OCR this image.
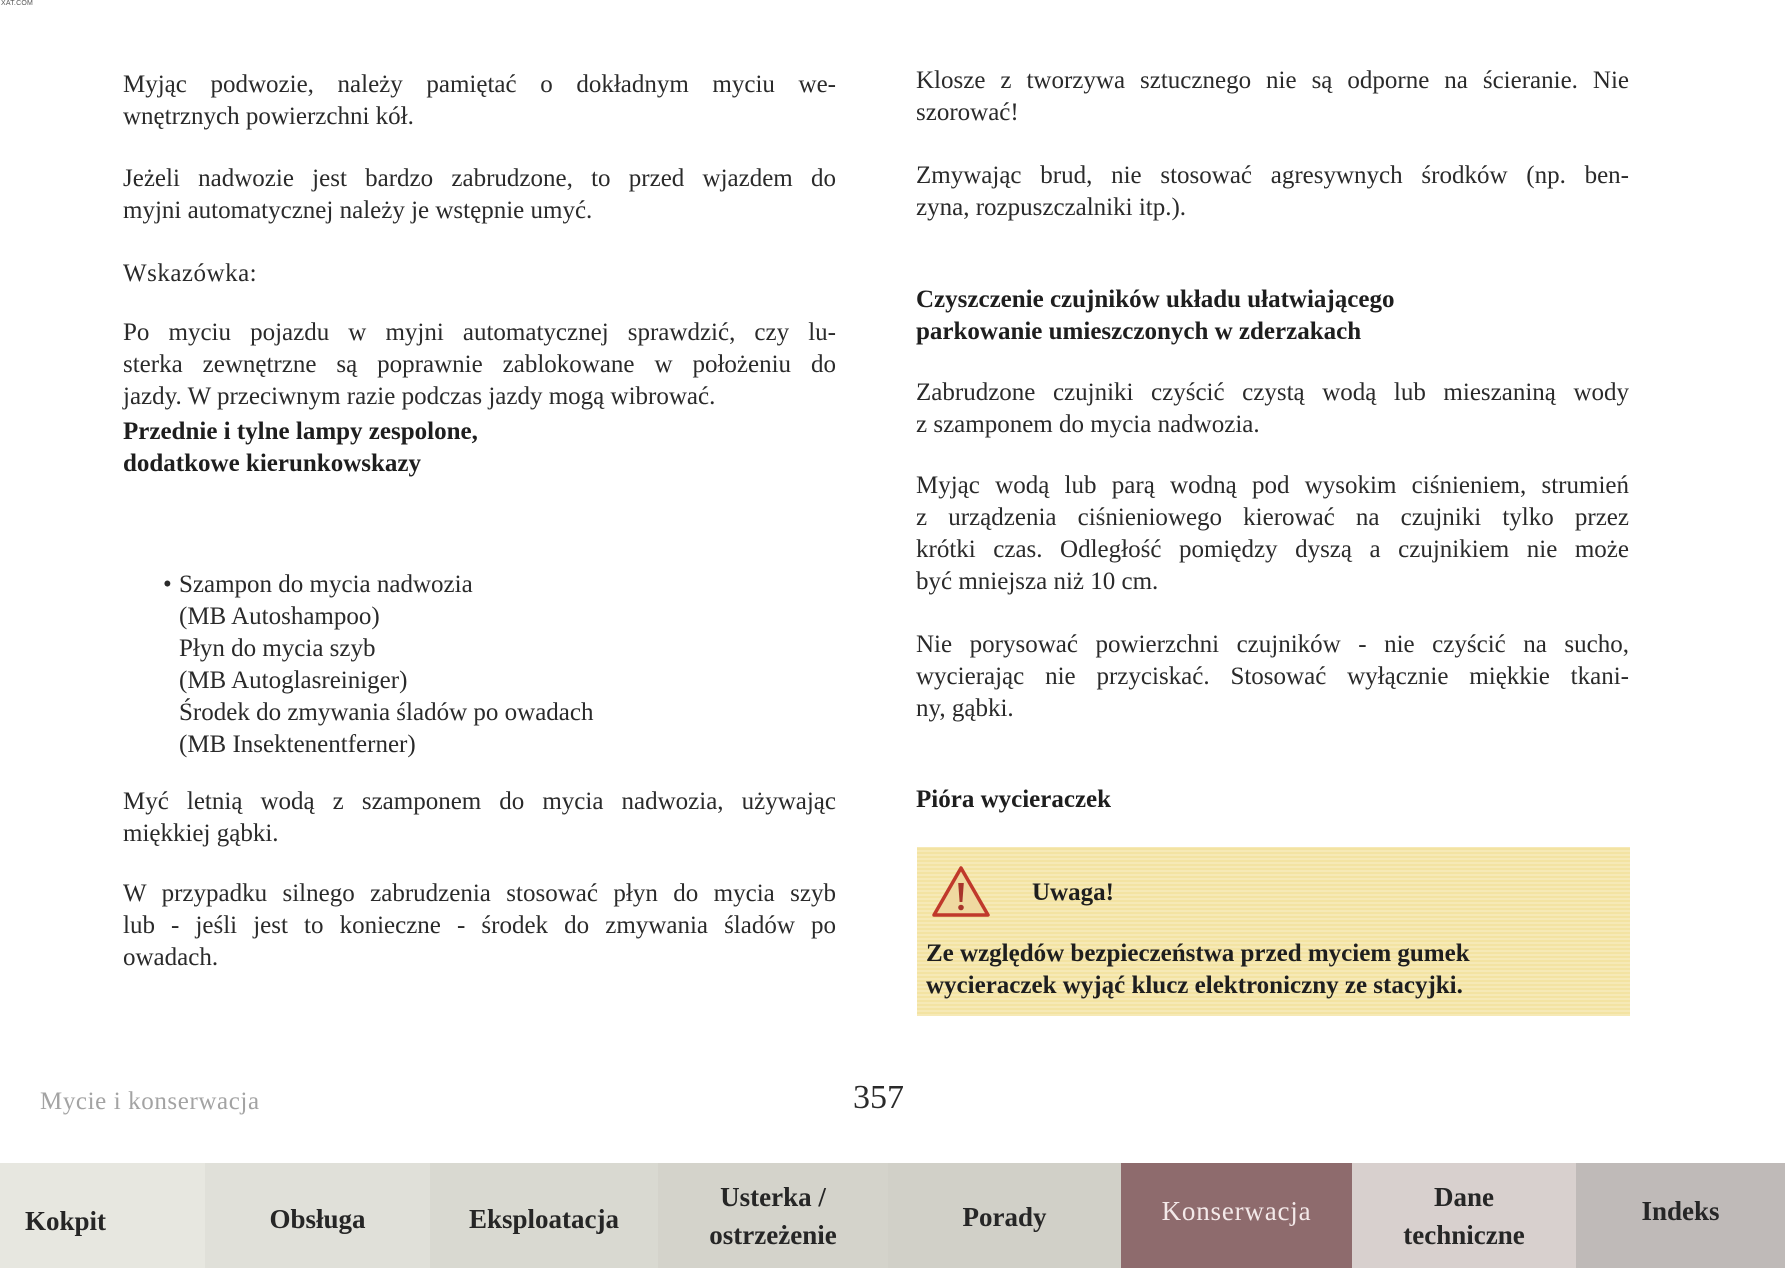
XAT.COM
Myjąc podwozie, należy pamiętać o dokładnym myciu we-
wnętrznych powierzchni kół.
Jeżeli nadwozie jest bardzo zabrudzone, to przed wjazdem do
myjni automatycznej należy je wstępnie umyć.
Wskazówka:
Po myciu pojazdu w myjni automatycznej sprawdzić, czy lu-
sterka zewnętrzne są poprawnie zablokowane w położeniu do
jazdy. W przeciwnym razie podczas jazdy mogą wibrować.
Przednie i tylne lampy zespolone,
dodatkowe kierunkowskazy
• Szampon do mycia nadwozia
(MB Autoshampoo)
Płyn do mycia szyb
(MB Autoglasreiniger)
Środek do zmywania śladów po owadach
(MB Insektenentferner)
Myć letnią wodą z szamponem do mycia nadwozia, używając
miękkiej gąbki.
W przypadku silnego zabrudzenia stosować płyn do mycia szyb
lub - jeśli jest to konieczne - środek do zmywania śladów po
owadach.
Klosze z tworzywa sztucznego nie są odporne na ścieranie. Nie
szorować!
Zmywając brud, nie stosować agresywnych środków (np. ben-
zyna, rozpuszczalniki itp.).
Czyszczenie czujników układu ułatwiającego
parkowanie umieszczonych w zderzakach
Zabrudzone czujniki czyścić czystą wodą lub mieszaniną wody
z szamponem do mycia nadwozia.
Myjąc wodą lub parą wodną pod wysokim ciśnieniem, strumień
z urządzenia ciśnieniowego kierować na czujniki tylko przez
krótki czas. Odległość pomiędzy dyszą a czujnikiem nie może
być mniejsza niż 10 cm.
Nie porysować powierzchni czujników - nie czyścić na sucho,
wycierając nie przyciskać. Stosować wyłącznie miękkie tkani-
ny, gąbki.
Pióra wycieraczek
Uwaga!
Ze względów bezpieczeństwa przed myciem gumek
wycieraczek wyjąć klucz elektroniczny ze stacyjki.
Mycie i konserwacja	357
Kokpit	Obsługa	Eksploatacja
Usterka /
ostrzeżenie
Porady	Konserwacja	Dane
techniczne
Indeks
